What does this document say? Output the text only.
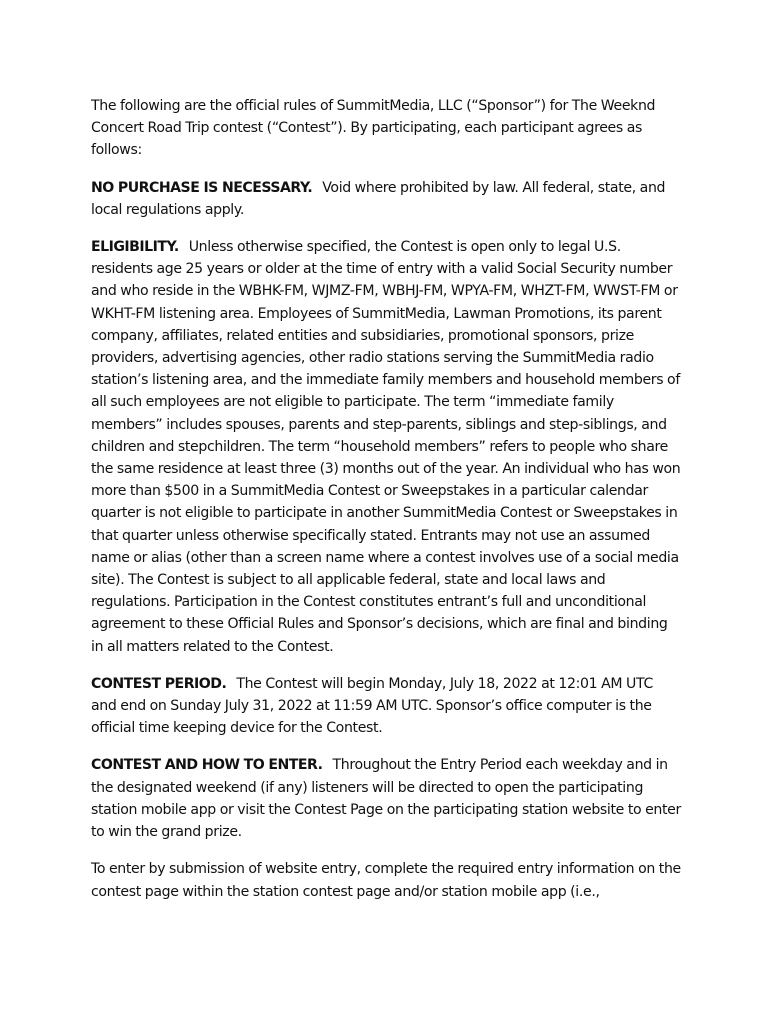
The following are the official rules of SummitMedia, LLC (“Sponsor”) for The Weeknd Concert Road Trip contest (“Contest”). By participating, each participant agrees as follows:

NO PURCHASE IS NECESSARY. Void where prohibited by law. All federal, state, and local regulations apply.

ELIGIBILITY. Unless otherwise specified, the Contest is open only to legal U.S. residents age 25 years or older at the time of entry with a valid Social Security number and who reside in the WBHK-FM, WJMZ-FM, WBHJ-FM, WPYA-FM, WHZT-FM, WWST-FM or WKHT-FM listening area. Employees of SummitMedia, Lawman Promotions, its parent company, affiliates, related entities and subsidiaries, promotional sponsors, prize providers, advertising agencies, other radio stations serving the SummitMedia radio station’s listening area, and the immediate family members and household members of all such employees are not eligible to participate. The term “immediate family members” includes spouses, parents and step-parents, siblings and step-siblings, and children and stepchildren. The term “household members” refers to people who share the same residence at least three (3) months out of the year. An individual who has won more than $500 in a SummitMedia Contest or Sweepstakes in a particular calendar quarter is not eligible to participate in another SummitMedia Contest or Sweepstakes in that quarter unless otherwise specifically stated. Entrants may not use an assumed name or alias (other than a screen name where a contest involves use of a social media site). The Contest is subject to all applicable federal, state and local laws and regulations. Participation in the Contest constitutes entrant’s full and unconditional agreement to these Official Rules and Sponsor’s decisions, which are final and binding in all matters related to the Contest.

CONTEST PERIOD. The Contest will begin Monday, July 18, 2022 at 12:01 AM UTC and end on Sunday July 31, 2022 at 11:59 AM UTC. Sponsor’s office computer is the official time keeping device for the Contest.

CONTEST AND HOW TO ENTER. Throughout the Entry Period each weekday and in the designated weekend (if any) listeners will be directed to open the participating station mobile app or visit the Contest Page on the participating station website to enter to win the grand prize.

To enter by submission of website entry, complete the required entry information on the contest page within the station contest page and/or station mobile app (i.e.,
